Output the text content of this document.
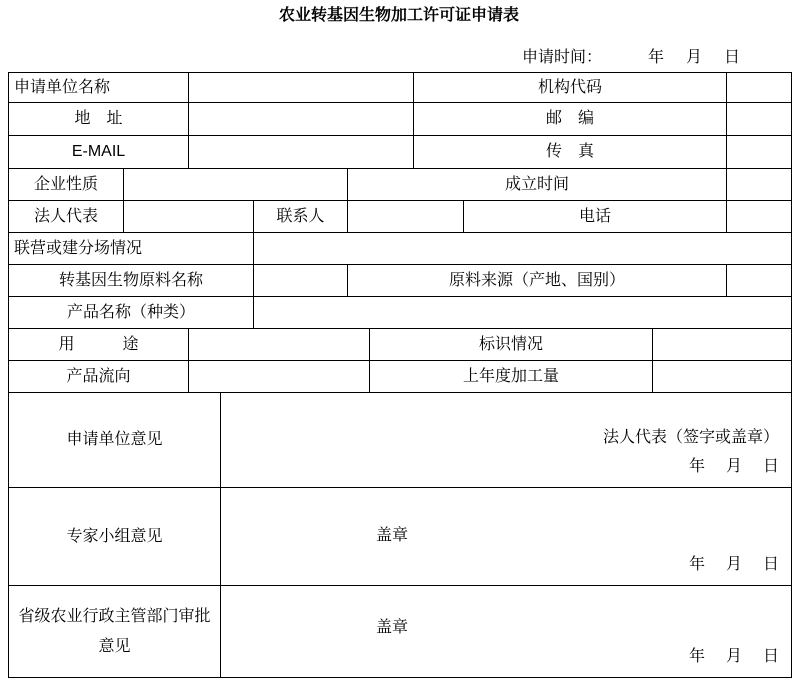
农业转基因生物加工许可证申请表
申请时间：	年 月 日
申请单位名称	机构代码
地　址	邮　编
E-MAIL	传　真
企业性质	成立时间
法人代表	联系人	电话
联营或建分场情况
转基因生物原料名称	原料来源（产地、国别）
产品名称（种类）
用　　　途	标识情况
产品流向	上年度加工量
申请单位意见	法人代表（签字或盖章）
年 月 日
专家小组意见	盖章
年 月 日
省级农业行政主管部门审批意见
盖章
年 月 日
